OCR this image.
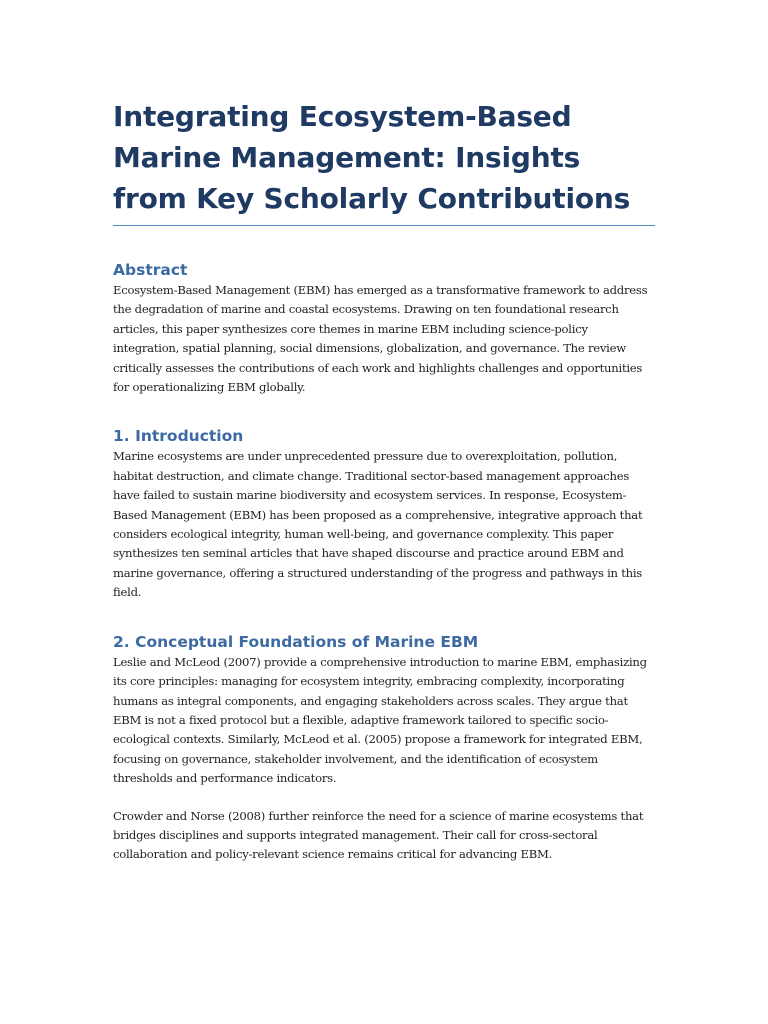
Integrating Ecosystem-Based Marine Management: Insights from Key Scholarly Contributions
Abstract

Ecosystem-Based Management (EBM) has emerged as a transformative framework to address the degradation of marine and coastal ecosystems. Drawing on ten foundational research articles, this paper synthesizes core themes in marine EBM including science-policy integration, spatial planning, social dimensions, globalization, and governance. The review critically assesses the contributions of each work and highlights challenges and opportunities for operationalizing EBM globally.

1. Introduction

Marine ecosystems are under unprecedented pressure due to overexploitation, pollution, habitat destruction, and climate change. Traditional sector-based management approaches have failed to sustain marine biodiversity and ecosystem services. In response, Ecosystem-Based Management (EBM) has been proposed as a comprehensive, integrative approach that considers ecological integrity, human well-being, and governance complexity. This paper synthesizes ten seminal articles that have shaped discourse and practice around EBM and marine governance, offering a structured understanding of the progress and pathways in this field.

2. Conceptual Foundations of Marine EBM

Leslie and McLeod (2007) provide a comprehensive introduction to marine EBM, emphasizing its core principles: managing for ecosystem integrity, embracing complexity, incorporating humans as integral components, and engaging stakeholders across scales. They argue that EBM is not a fixed protocol but a flexible, adaptive framework tailored to specific socio-ecological contexts. Similarly, McLeod et al. (2005) propose a framework for integrated EBM, focusing on governance, stakeholder involvement, and the identification of ecosystem thresholds and performance indicators.

Crowder and Norse (2008) further reinforce the need for a science of marine ecosystems that bridges disciplines and supports integrated management. Their call for cross-sectoral collaboration and policy-relevant science remains critical for advancing EBM.
